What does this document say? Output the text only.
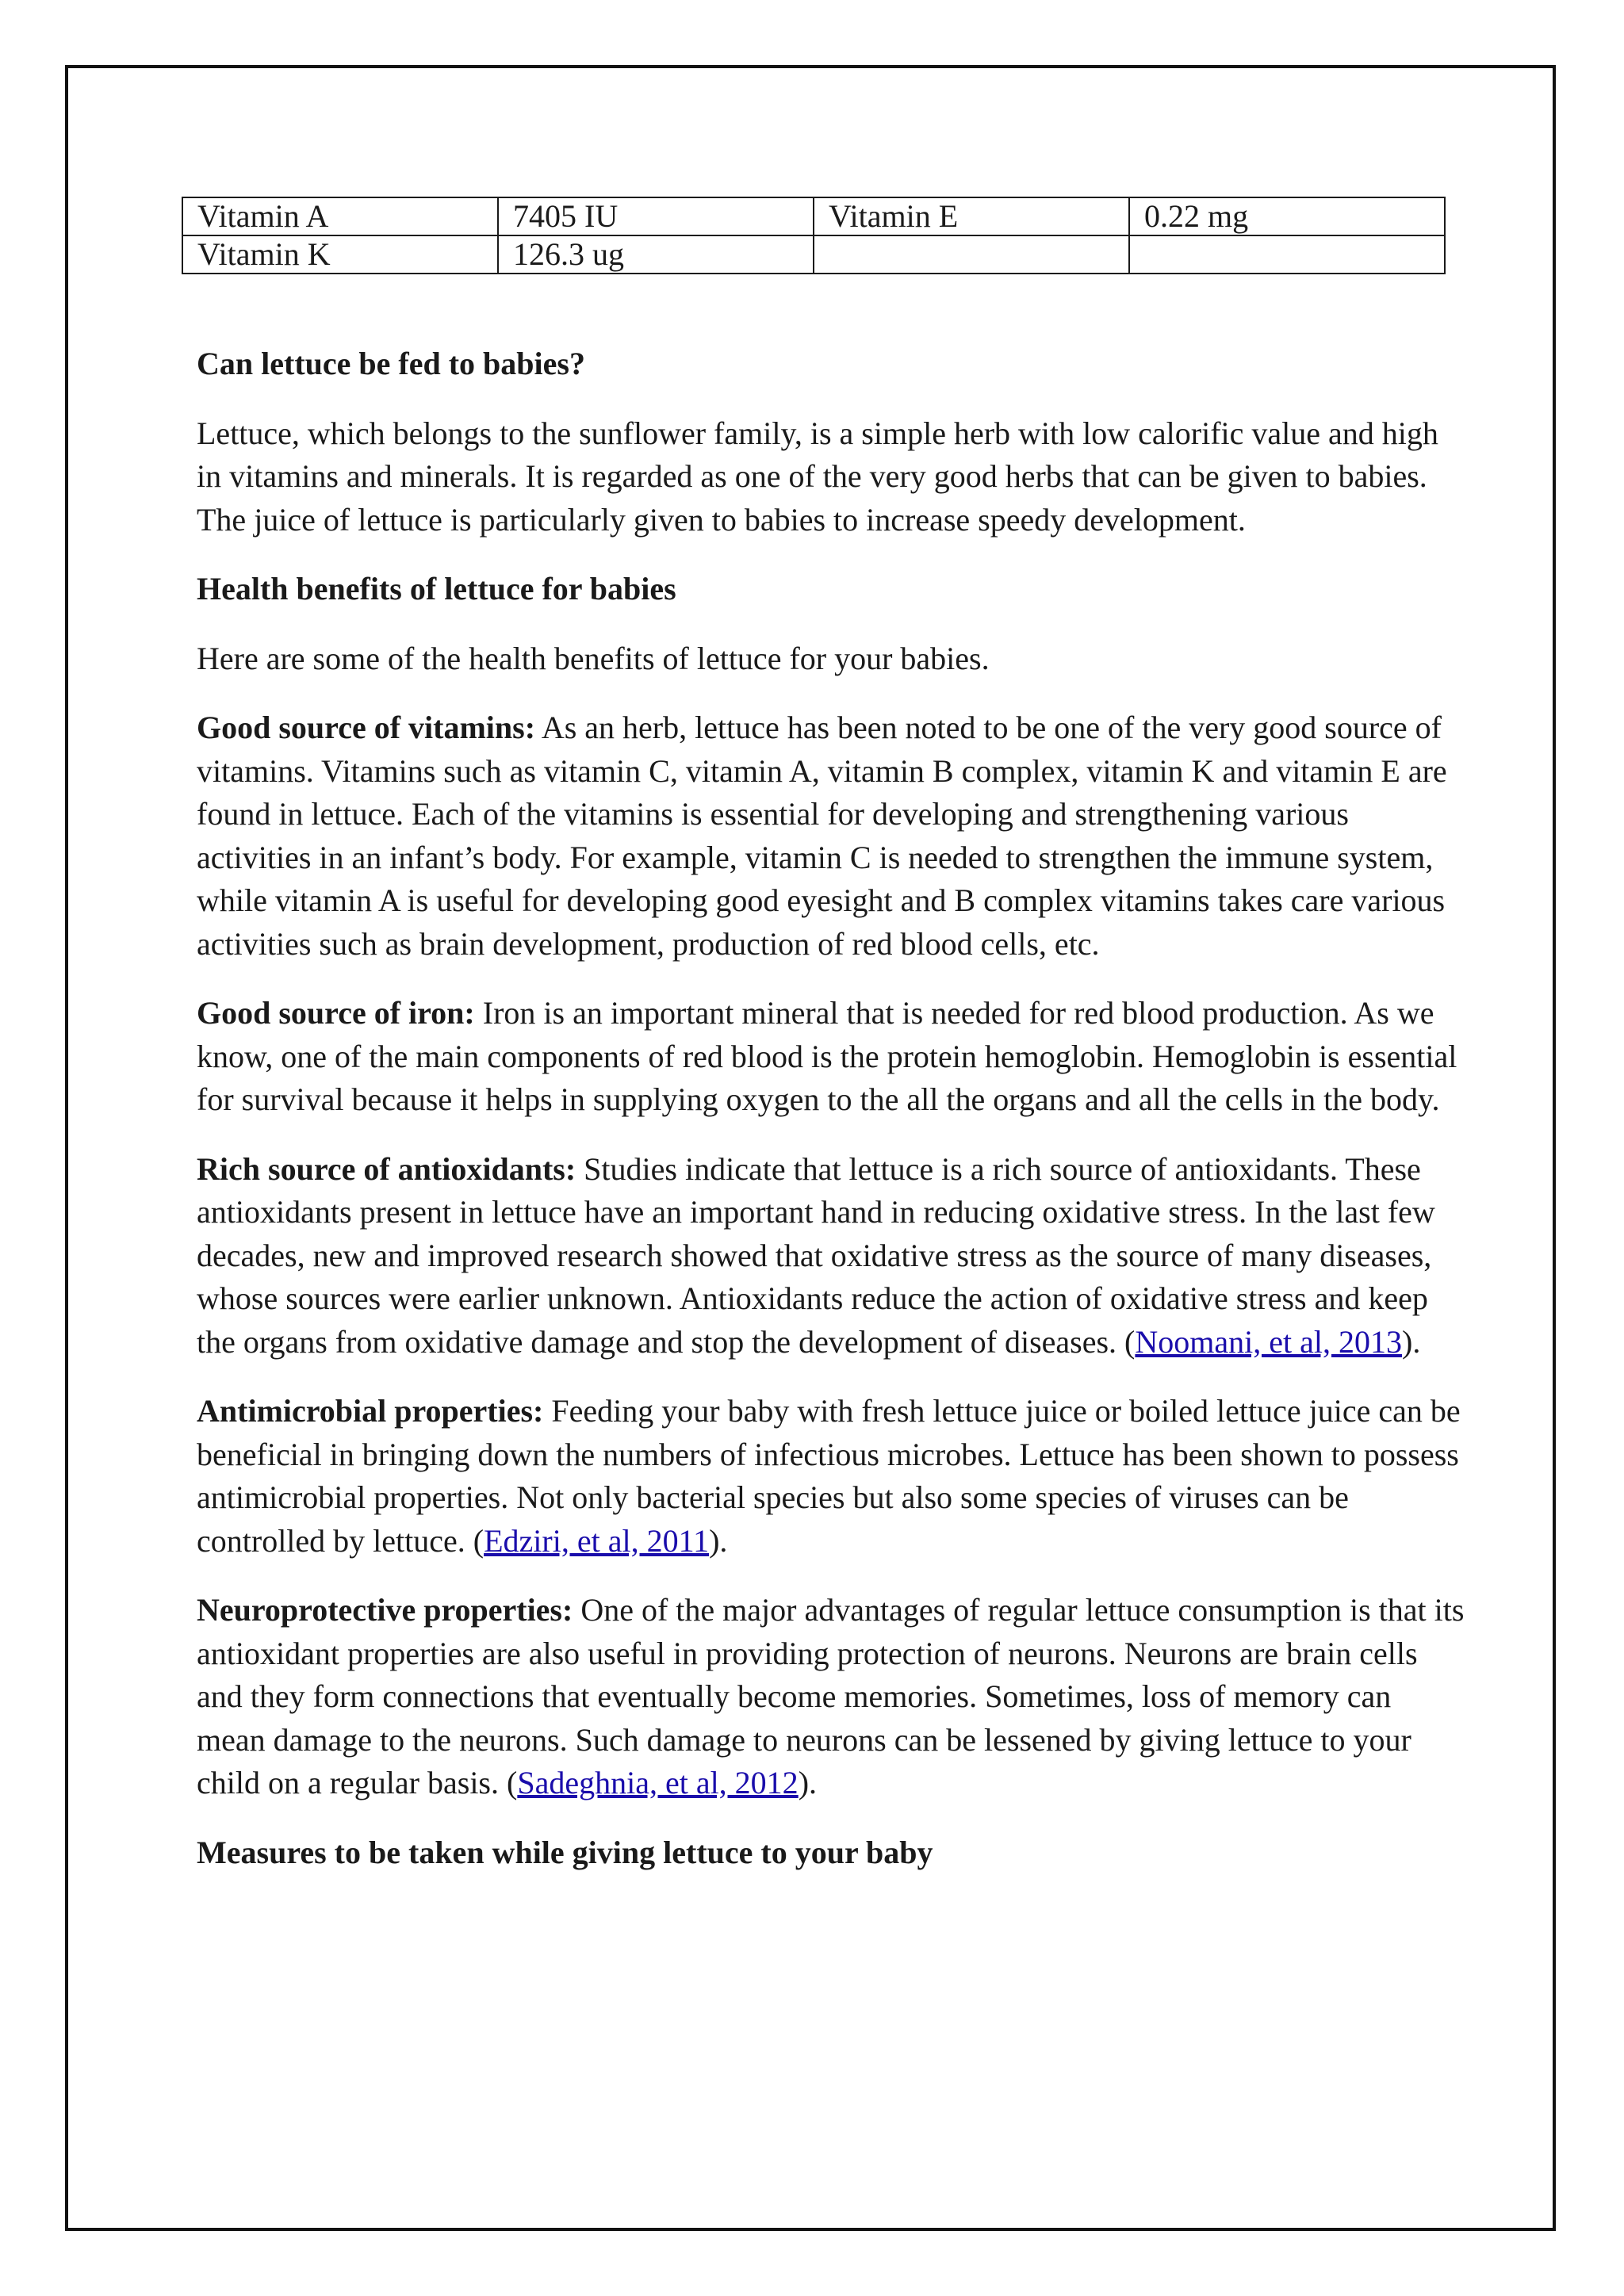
Vitamin A	7405 IU	Vitamin E	0.22 mg
Vitamin K	126.3 ug		
Can lettuce be fed to babies?

Lettuce, which belongs to the sunflower family, is a simple herb with low calorific value and high in vitamins and minerals. It is regarded as one of the very good herbs that can be given to babies. The juice of lettuce is particularly given to babies to increase speedy development.

Health benefits of lettuce for babies

Here are some of the health benefits of lettuce for your babies.

Good source of vitamins: As an herb, lettuce has been noted to be one of the very good source of vitamins. Vitamins such as vitamin C, vitamin A, vitamin B complex, vitamin K and vitamin E are found in lettuce. Each of the vitamins is essential for developing and strengthening various activities in an infant’s body. For example, vitamin C is needed to strengthen the immune system, while vitamin A is useful for developing good eyesight and B complex vitamins takes care various activities such as brain development, production of red blood cells, etc.

Good source of iron: Iron is an important mineral that is needed for red blood production. As we know, one of the main components of red blood is the protein hemoglobin. Hemoglobin is essential for survival because it helps in supplying oxygen to the all the organs and all the cells in the body.

Rich source of antioxidants: Studies indicate that lettuce is a rich source of antioxidants. These antioxidants present in lettuce have an important hand in reducing oxidative stress. In the last few decades, new and improved research showed that oxidative stress as the source of many diseases, whose sources were earlier unknown. Antioxidants reduce the action of oxidative stress and keep the organs from oxidative damage and stop the development of diseases. (Noomani, et al, 2013).

Antimicrobial properties: Feeding your baby with fresh lettuce juice or boiled lettuce juice can be beneficial in bringing down the numbers of infectious microbes. Lettuce has been shown to possess antimicrobial properties. Not only bacterial species but also some species of viruses can be controlled by lettuce. (Edziri, et al, 2011).

Neuroprotective properties: One of the major advantages of regular lettuce consumption is that its antioxidant properties are also useful in providing protection of neurons. Neurons are brain cells and they form connections that eventually become memories. Sometimes, loss of memory can mean damage to the neurons. Such damage to neurons can be lessened by giving lettuce to your child on a regular basis. (Sadeghnia, et al, 2012).

Measures to be taken while giving lettuce to your baby
